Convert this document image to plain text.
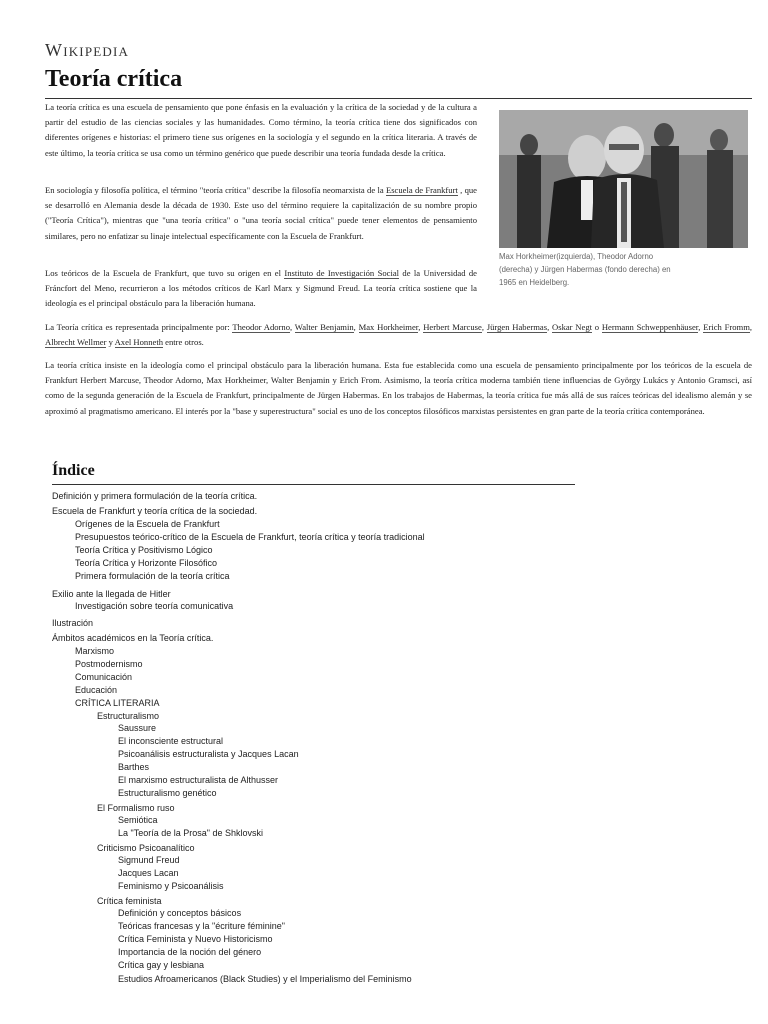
Wikipedia
Teoría crítica

La teoría crítica es una escuela de pensamiento que pone énfasis en la evaluación y la crítica de la sociedad y de la cultura a partir del estudio de las ciencias sociales y las humanidades. Como término, la teoría crítica tiene dos significados con diferentes orígenes e historias: el primero tiene sus orígenes en la sociología y el segundo en la crítica literaria. A través de este último, la teoría crítica se usa como un término genérico que puede describir una teoría fundada desde la crítica.

En sociología y filosofía política, el término "teoría crítica" describe la filosofía neomarxista de la Escuela de Frankfurt , que se desarrolló en Alemania desde la década de 1930. Este uso del término requiere la capitalización de su nombre propio ("Teoría Crítica"), mientras que "una teoría crítica" o "una teoría social crítica" puede tener elementos de pensamiento similares, pero no enfatizar su linaje intelectual específicamente con la Escuela de Frankfurt.

Los teóricos de la Escuela de Frankfurt, que tuvo su origen en el Instituto de Investigación Social de la Universidad de Fráncfort del Meno, recurrieron a los métodos críticos de Karl Marx y Sigmund Freud. La teoría crítica sostiene que la ideología es el principal obstáculo para la liberación humana.

Max Horkheimer(izquierda), Theodor Adorno
(derecha) y Jürgen Habermas (fondo derecha) en
1965 en Heidelberg.

La Teoría crítica es representada principalmente por: Theodor Adorno, Walter Benjamin, Max Horkheimer, Herbert Marcuse, Jürgen Habermas, Oskar Negt o Hermann Schweppenhäuser, Erich Fromm, Albrecht Wellmer y Axel Honneth entre otros.

La teoría crítica insiste en la ideología como el principal obstáculo para la liberación humana. Esta fue establecida como una escuela de pensamiento principalmente por los teóricos de la escuela de Frankfurt Herbert Marcuse, Theodor Adorno, Max Horkheimer, Walter Benjamin y Erich From. Asimismo, la teoría crítica moderna también tiene influencias de György Lukács y Antonio Gramsci, así como de la segunda generación de la Escuela de Frankfurt, principalmente de Jürgen Habermas. En los trabajos de Habermas, la teoría crítica fue más allá de sus raíces teóricas del idealismo alemán y se aproximó al pragmatismo americano. El interés por la "base y superestructura" social es uno de los conceptos filosóficos marxistas persistentes en gran parte de la teoría crítica contemporánea.

Índice
Definición y primera formulación de la teoría crítica.
Escuela de Frankfurt y teoría crítica de la sociedad.
Orígenes de la Escuela de Frankfurt
Presupuestos teórico-crítico de la Escuela de Frankfurt, teoría crítica y teoría tradicional
Teoría Crítica y Positivismo Lógico
Teoría Crítica y Horizonte Filosófico
Primera formulación de la teoría crítica
Exilio ante la llegada de Hitler
Investigación sobre teoría comunicativa
Ilustración
Ámbitos académicos en la Teoría crítica.
Marxismo
Postmodernismo
Comunicación
Educación
CRÍTICA LITERARIA
Estructuralismo
Saussure
El inconsciente estructural
Psicoanálisis estructuralista y Jacques Lacan
Barthes
El marxismo estructuralista de Althusser
Estructuralismo genético
El Formalismo ruso
Semiótica
La "Teoría de la Prosa" de Shklovski
Criticismo Psicoanalítico
Sigmund Freud
Jacques Lacan
Feminismo y Psicoanálisis
Crítica feminista
Definición y conceptos básicos
Teóricas francesas y la "écriture féminine"
Crítica Feminista y Nuevo Historicismo
Importancia de la noción del género
Crítica gay y lesbiana
Estudios Afroamericanos (Black Studies) y el Imperialismo del Feminismo
